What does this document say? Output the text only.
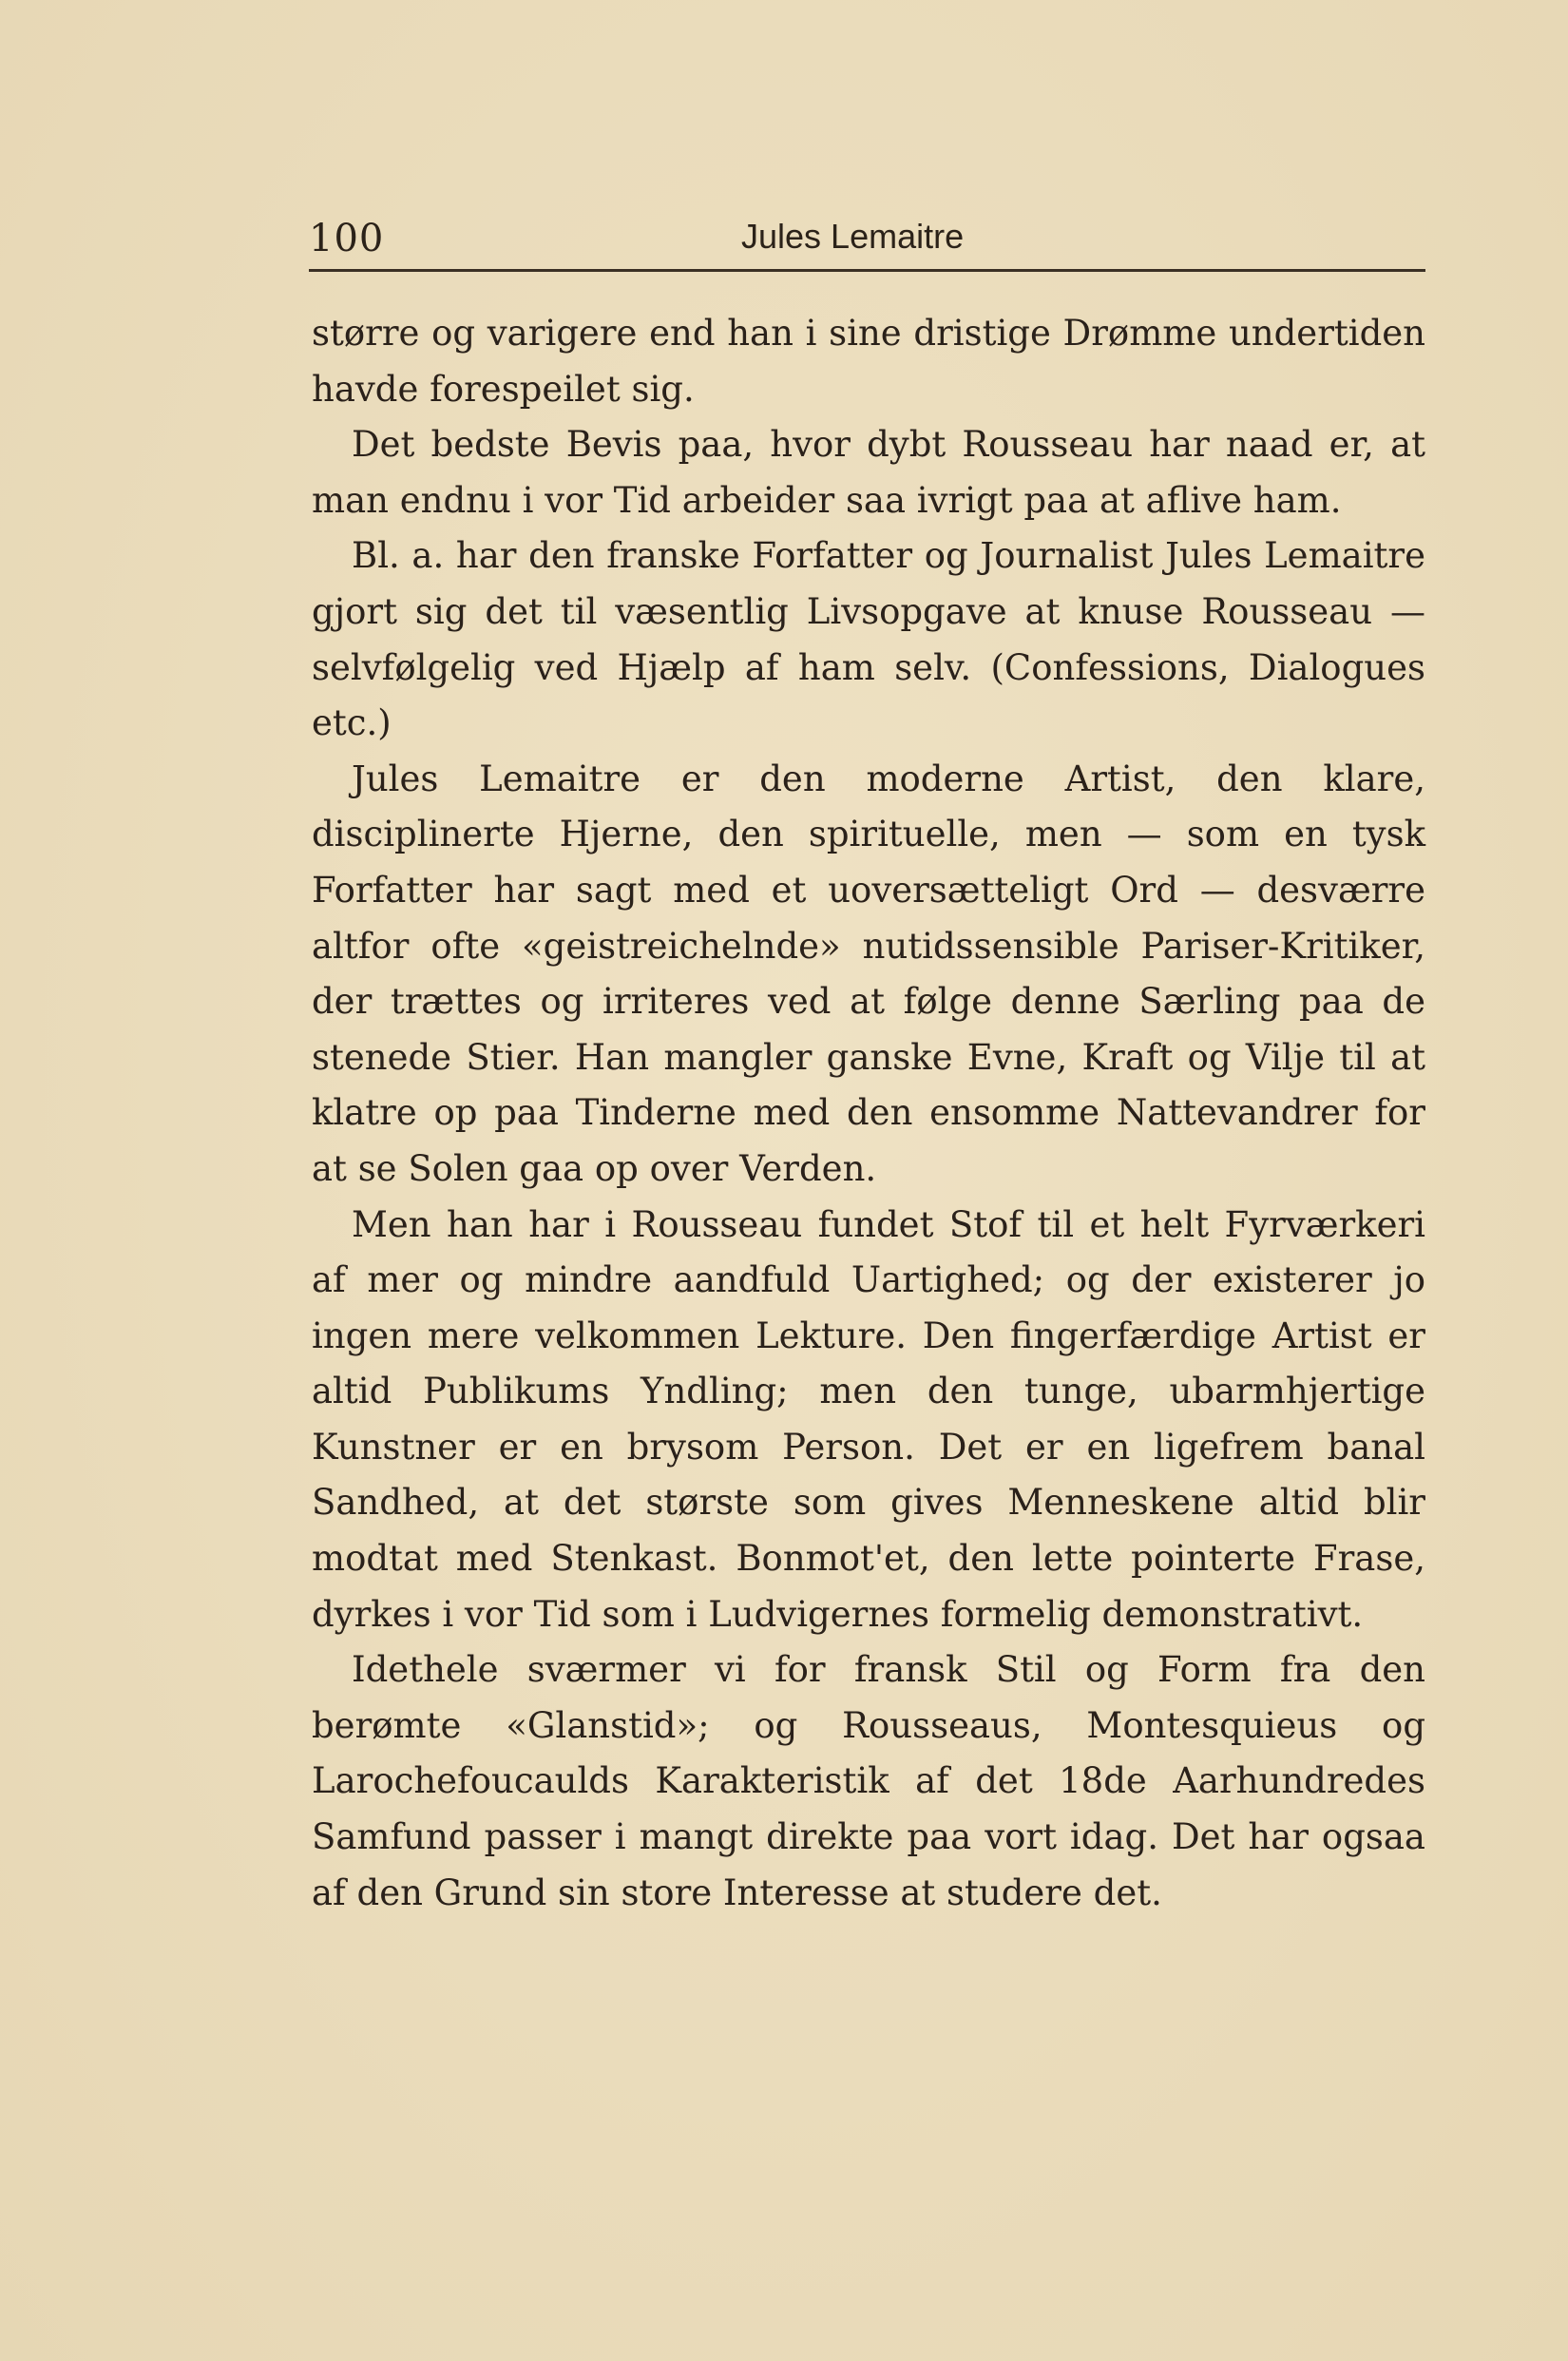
100	Jules Lemaitre

større og varigere end han i sine dristige Drømme undertiden havde forespeilet sig.

Det bedste Bevis paa, hvor dybt Rousseau har naad er, at man endnu i vor Tid arbeider saa ivrigt paa at aflive ham.

Bl. a. har den franske Forfatter og Journalist Jules Lemaitre gjort sig det til væsentlig Livsopgave at knuse Rousseau — selvfølgelig ved Hjælp af ham selv. (Confessions, Dialogues etc.)

Jules Lemaitre er den moderne Artist, den klare, disciplinerte Hjerne, den spirituelle, men — som en tysk Forfatter har sagt med et uoversætteligt Ord — desværre altfor ofte «geistreichelnde» nutidssensible Pariser-Kritiker, der trættes og irriteres ved at følge denne Særling paa de stenede Stier. Han mangler ganske Evne, Kraft og Vilje til at klatre op paa Tinderne med den ensomme Nattevandrer for at se Solen gaa op over Verden.

Men han har i Rousseau fundet Stof til et helt Fyrværkeri af mer og mindre aandfuld Uartighed; og der existerer jo ingen mere velkommen Lekture. Den fingerfærdige Artist er altid Publikums Yndling; men den tunge, ubarmhjertige Kunstner er en brysom Person. Det er en ligefrem banal Sandhed, at det største som gives Menneskene altid blir modtat med Stenkast. Bonmot'et, den lette pointerte Frase, dyrkes i vor Tid som i Ludvigernes formelig demonstrativt.

Idethele sværmer vi for fransk Stil og Form fra den berømte «Glanstid»; og Rousseaus, Montesquieus og Larochefoucaulds Karakteristik af det 18de Aarhundredes Samfund passer i mangt direkte paa vort idag. Det har ogsaa af den Grund sin store Interesse at studere det.
